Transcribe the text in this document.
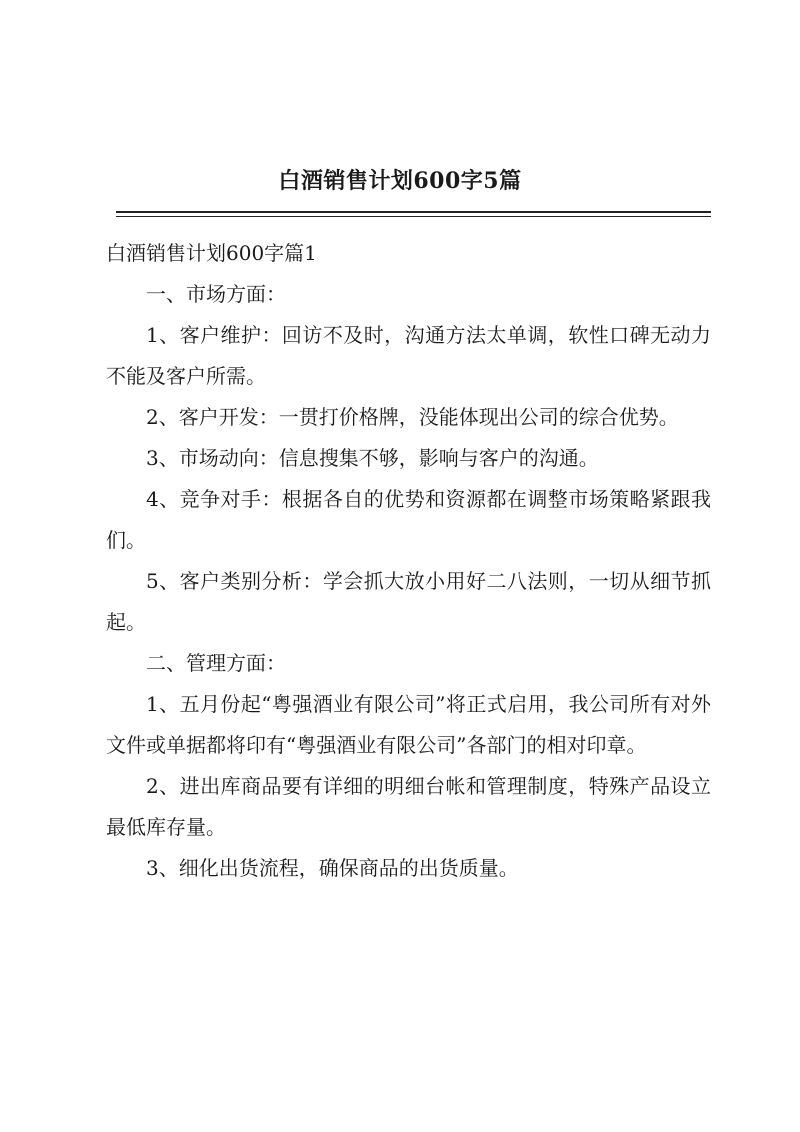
白酒销售计划600字5篇

白酒销售计划600字篇1

一、市场方面：

1、客户维护：回访不及时，沟通方法太单调，软性口碑无动力不能及客户所需。

2、客户开发：一贯打价格牌，没能体现出公司的综合优势。

3、市场动向：信息搜集不够，影响与客户的沟通。

4、竞争对手：根据各自的优势和资源都在调整市场策略紧跟我们。

5、客户类别分析：学会抓大放小用好二八法则，一切从细节抓起。

二、管理方面：

1、五月份起“粤强酒业有限公司”将正式启用，我公司所有对外文件或单据都将印有“粤强酒业有限公司”各部门的相对印章。

2、进出库商品要有详细的明细台帐和管理制度，特殊产品设立最低库存量。

3、细化出货流程，确保商品的出货质量。
